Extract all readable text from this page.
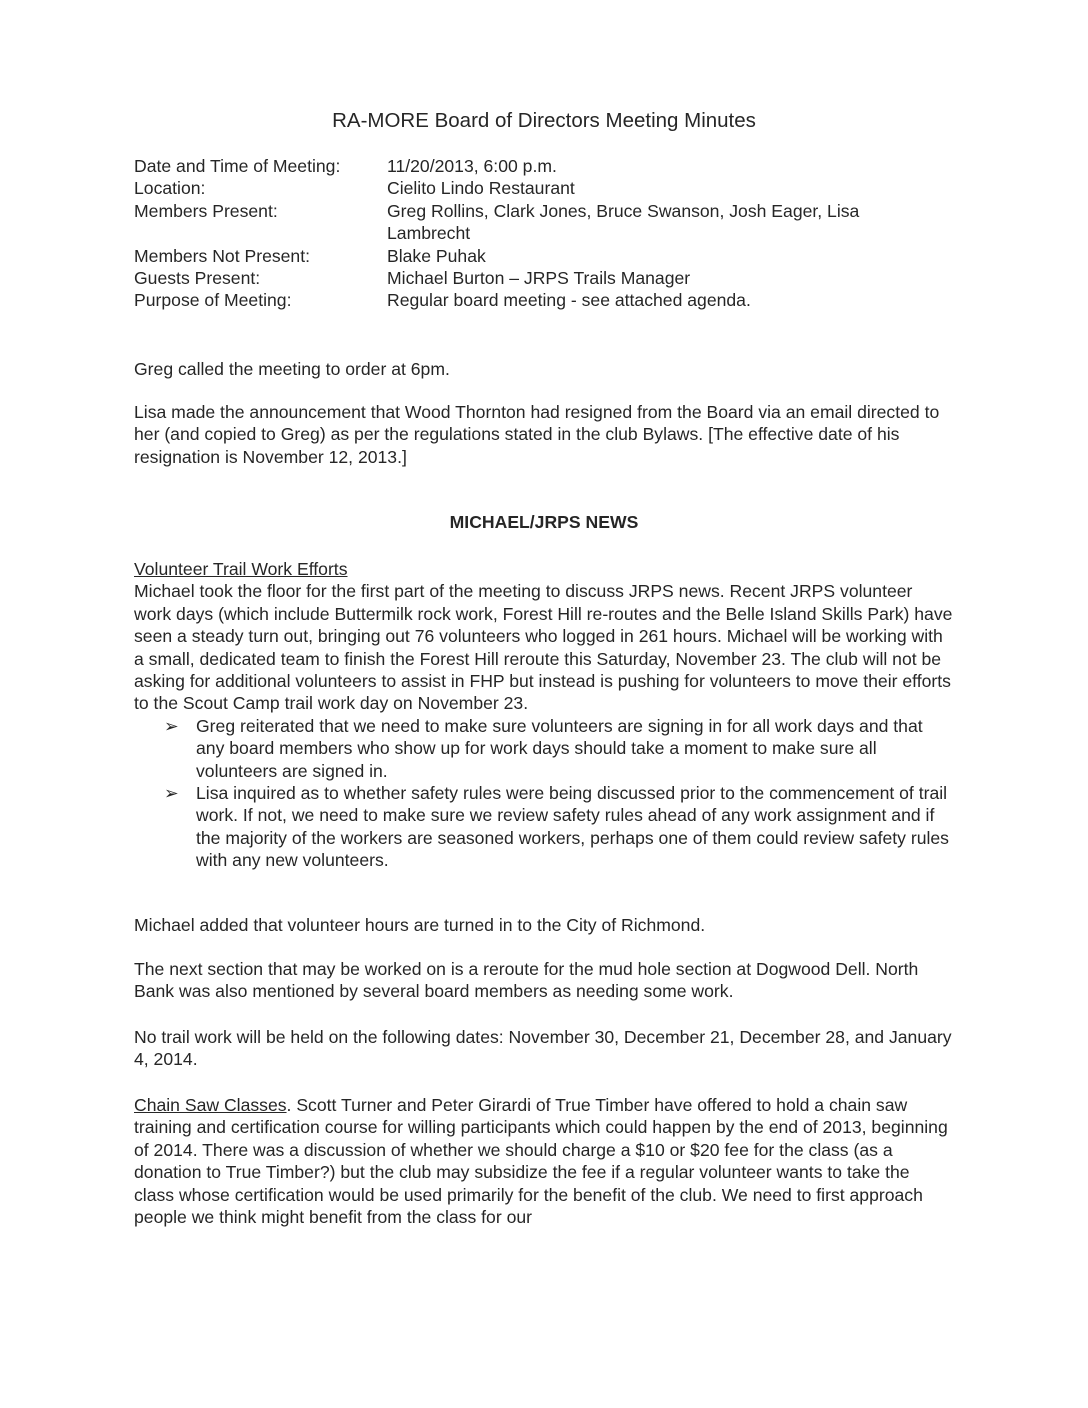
RA-MORE Board of Directors Meeting Minutes
Date and Time of Meeting:	11/20/2013, 6:00 p.m.
Location:	Cielito Lindo Restaurant
Members Present:	Greg Rollins, Clark Jones, Bruce Swanson, Josh Eager, Lisa Lambrecht
Members Not Present:	Blake Puhak
Guests Present:	Michael Burton – JRPS Trails Manager
Purpose of Meeting:	Regular board meeting - see attached agenda.

Greg called the meeting to order at 6pm.

Lisa made the announcement that Wood Thornton had resigned from the Board via an email directed to her (and copied to Greg) as per the regulations stated in the club Bylaws. [The effective date of his resignation is November 12, 2013.]

MICHAEL/JRPS NEWS

Volunteer Trail Work Efforts

Michael took the floor for the first part of the meeting to discuss JRPS news. Recent JRPS volunteer work days (which include Buttermilk rock work, Forest Hill re-routes and the Belle Island Skills Park) have seen a steady turn out, bringing out 76 volunteers who logged in 261 hours. Michael will be working with a small, dedicated team to finish the Forest Hill reroute this Saturday, November 23. The club will not be asking for additional volunteers to assist in FHP but instead is pushing for volunteers to move their efforts to the Scout Camp trail work day on November 23.

➢ Greg reiterated that we need to make sure volunteers are signing in for all work days and that any board members who show up for work days should take a moment to make sure all volunteers are signed in.
➢ Lisa inquired as to whether safety rules were being discussed prior to the commencement of trail work. If not, we need to make sure we review safety rules ahead of any work assignment and if the majority of the workers are seasoned workers, perhaps one of them could review safety rules with any new volunteers.

Michael added that volunteer hours are turned in to the City of Richmond.

The next section that may be worked on is a reroute for the mud hole section at Dogwood Dell. North Bank was also mentioned by several board members as needing some work.

No trail work will be held on the following dates: November 30, December 21, December 28, and January 4, 2014.

Chain Saw Classes. Scott Turner and Peter Girardi of True Timber have offered to hold a chain saw training and certification course for willing participants which could happen by the end of 2013, beginning of 2014. There was a discussion of whether we should charge a $10 or $20 fee for the class (as a donation to True Timber?) but the club may subsidize the fee if a regular volunteer wants to take the class whose certification would be used primarily for the benefit of the club. We need to first approach people we think might benefit from the class for our
